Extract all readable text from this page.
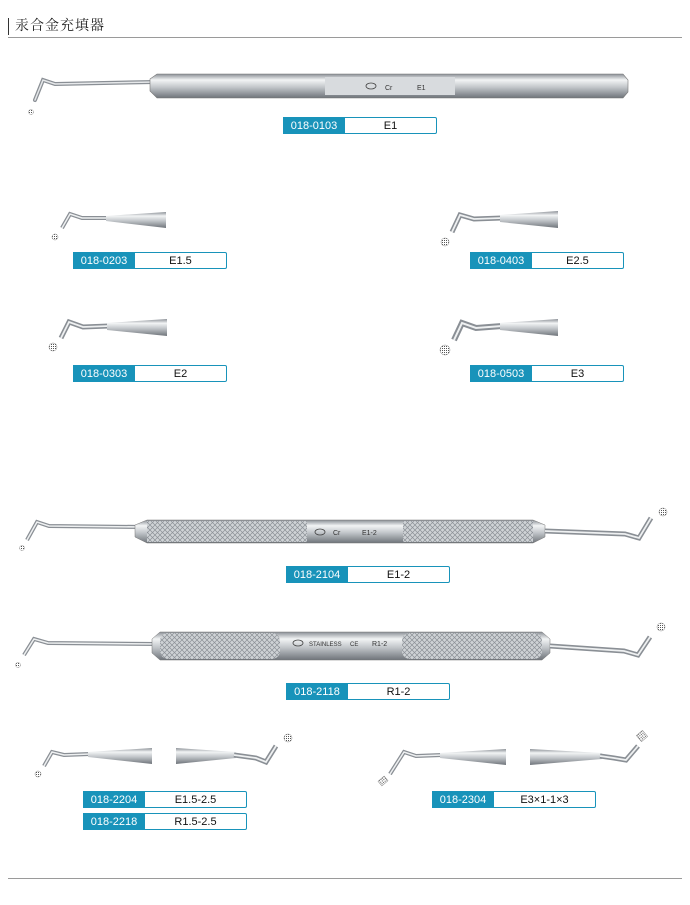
汞合金充填器
Cr	E1
018-0103	E1
018-0203	E1.5	018-0403	E2.5
018-0303	E2	018-0503	E3
Cr	E1-2
018-2104	E1-2
STAINLESS CE R1-2
018-2118	R1-2
018-2204	E1.5-2.5
018-2218	R1.5-2.5
018-2304	E3×1-1×3
